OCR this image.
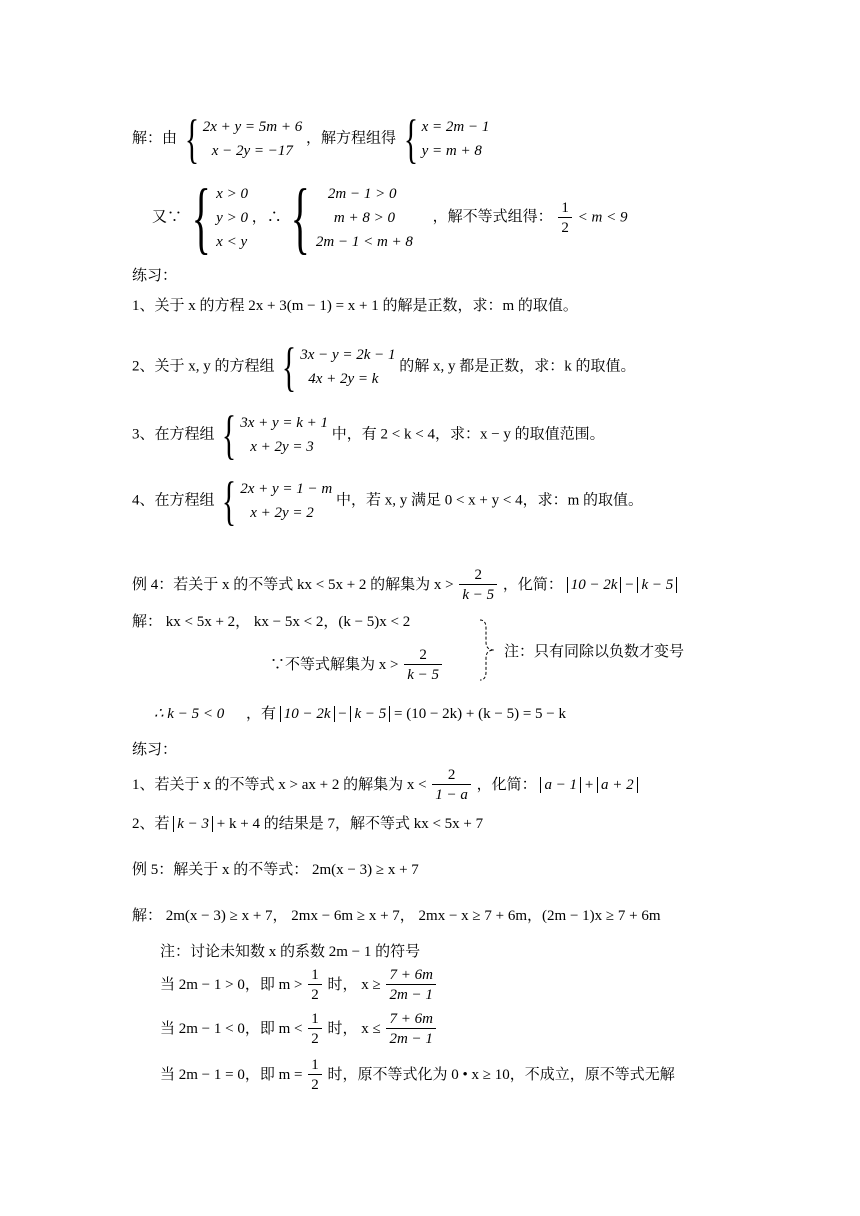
解：由 { 2x + y = 5m + 6
x − 2y = −17
，解方程组得 { x = 2m − 1
y = m + 8
又∵ { x > 0
y > 0
x < y
，∴ {	2m − 1 > 0
m + 8 > 0
2m − 1 < m + 8
，解不等式组得： $\frac{1}{2} < m < 9$
练习：
1、关于 x 的方程 2x + 3(m − 1) = x + 1 的解是正数，求：m 的取值。
2、关于 x, y 的方程组 { 3x − y = 2k − 1
4x + 2y = k
的解 x, y 都是正数，求：k 的取值。
3、在方程组 { 3x + y = k + 1
x + 2y = 3
中，有 2 < k < 4，求：x − y 的取值范围。
4、在方程组 { 2x + y = 1 − m
x + 2y = 2
中，若 x, y 满足 0 < x + y < 4，求：m 的取值。
例 4：若关于 x 的不等式 kx < 5x + 2 的解集为 $x > \frac{2}{k - 5}$ ，化简： 10 − 2k − k − 5
解： kx < 5x + 2， kx − 5x < 2，(k − 5)x < 2
∵不等式解集为 $x > \frac{2}{k - 5}$	注：只有同除以负数才变号
∴ k − 5 < 0 ，有 10 − 2k − k − 5 = (10 − 2k) + (k − 5) = 5 − k
练习：
1、若关于 x 的不等式 x > ax + 2 的解集为 $x < \frac{2}{1 - a}$ ，化简： a − 1 + a + 2
2、若 k − 3 + k + 4 的结果是 7，解不等式 kx < 5x + 7
例 5：解关于 x 的不等式： 2m(x − 3) ≥ x + 7
解： 2m(x − 3) ≥ x + 7， 2mx − 6m ≥ x + 7， 2mx − x ≥ 7 + 6m，(2m − 1)x ≥ 7 + 6m
注：讨论未知数 x 的系数 2m − 1 的符号
当 2m − 1 > 0，即 $m > \frac{1}{2}$ 时， $x \ge \frac{7 + 6m}{2m - 1}$
当 2m − 1 < 0，即 $m < \frac{1}{2}$ 时， $x \le \frac{7 + 6m}{2m - 1}$
当 2m − 1 = 0，即 $m = \frac{1}{2}$ 时，原不等式化为 0 • x ≥ 10，不成立，原不等式无解
